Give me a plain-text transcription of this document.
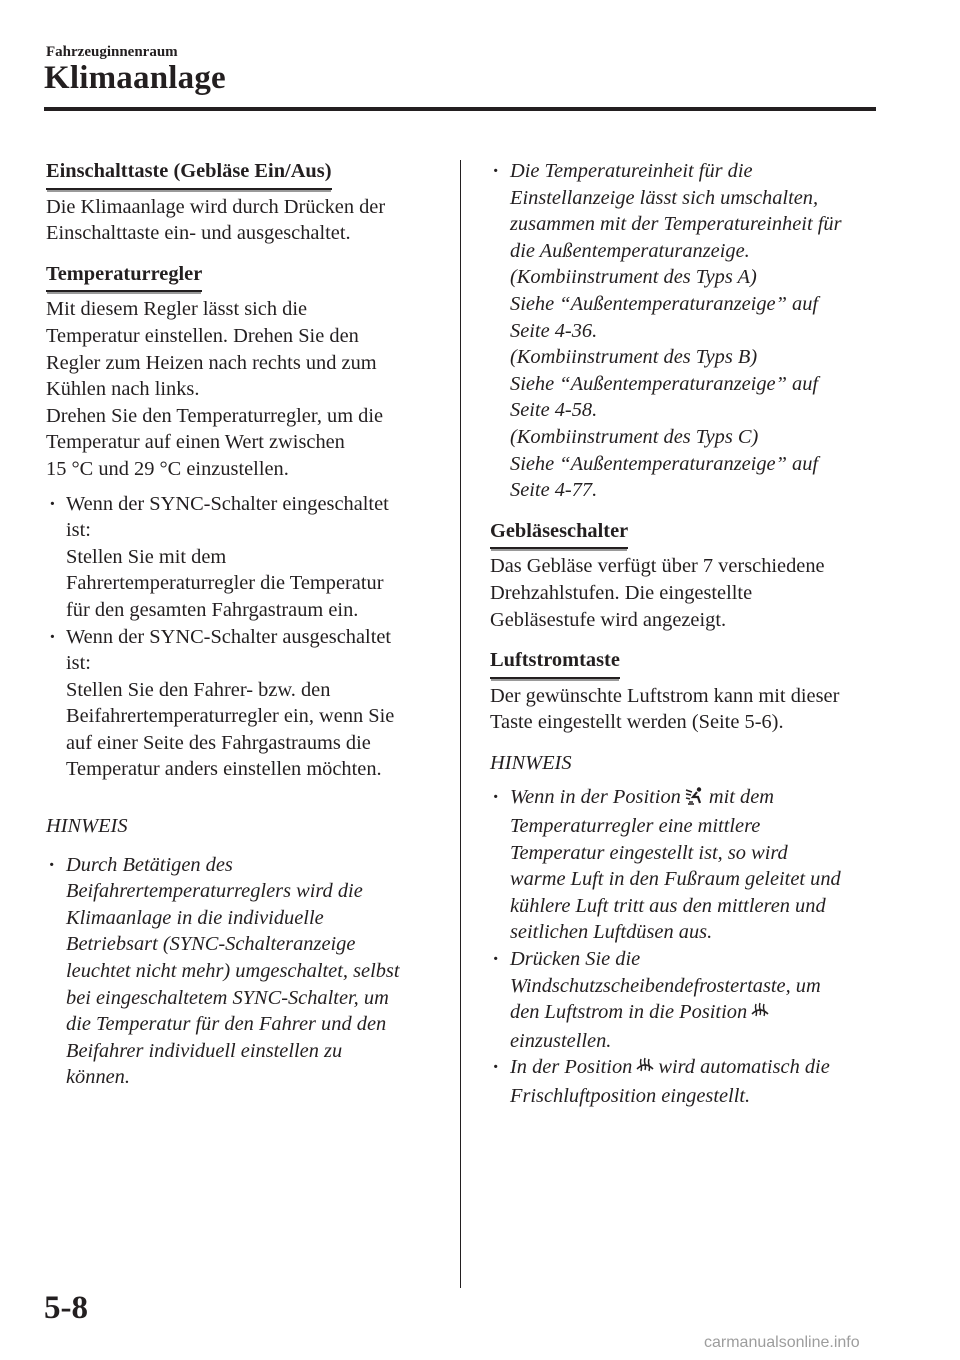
Fahrzeuginnenraum
Klimaanlage
Einschalttaste (Gebläse Ein/Aus)

Die Klimaanlage wird durch Drücken der

Einschalttaste ein- und ausgeschaltet.

Temperaturregler

Mit diesem Regler lässt sich die

Temperatur einstellen. Drehen Sie den

Regler zum Heizen nach rechts und zum

Kühlen nach links.

Drehen Sie den Temperaturregler, um die

Temperatur auf einen Wert zwischen

15 °C und 29 °C einzustellen.

· Wenn der SYNC-Schalter eingeschaltet

ist:

Stellen Sie mit dem

Fahrertemperaturregler die Temperatur

für den gesamten Fahrgastraum ein.

· Wenn der SYNC-Schalter ausgeschaltet

ist:

Stellen Sie den Fahrer- bzw. den

Beifahrertemperaturregler ein, wenn Sie

auf einer Seite des Fahrgastraums die

Temperatur anders einstellen möchten.

HINWEIS

· Durch Betätigen des

Beifahrertemperaturreglers wird die

Klimaanlage in die individuelle

Betriebsart (SYNC-Schalteranzeige

leuchtet nicht mehr) umgeschaltet, selbst

bei eingeschaltetem SYNC-Schalter, um

die Temperatur für den Fahrer und den

Beifahrer individuell einstellen zu

können.

· Die Temperatureinheit für die

Einstellanzeige lässt sich umschalten,

zusammen mit der Temperatureinheit für

die Außentemperaturanzeige.

(Kombiinstrument des Typs A)

Siehe “Außentemperaturanzeige” auf

Seite 4-36.

(Kombiinstrument des Typs B)

Siehe “Außentemperaturanzeige” auf

Seite 4-58.

(Kombiinstrument des Typs C)

Siehe “Außentemperaturanzeige” auf

Seite 4-77.

Gebläseschalter

Das Gebläse verfügt über 7 verschiedene

Drehzahlstufen. Die eingestellte

Gebläsestufe wird angezeigt.

Luftstromtaste

Der gewünschte Luftstrom kann mit dieser

Taste eingestellt werden (Seite 5-6).

HINWEIS

· Wenn in der Position mit dem

Temperaturregler eine mittlere

Temperatur eingestellt ist, so wird

warme Luft in den Fußraum geleitet und

kühlere Luft tritt aus den mittleren und

seitlichen Luftdüsen aus.

· Drücken Sie die

Windschutzscheibendefrostertaste, um

den Luftstrom in die Position

einzustellen.

· In der Position wird automatisch die

Frischluftposition eingestellt.

5-8
carmanualsonline.info
